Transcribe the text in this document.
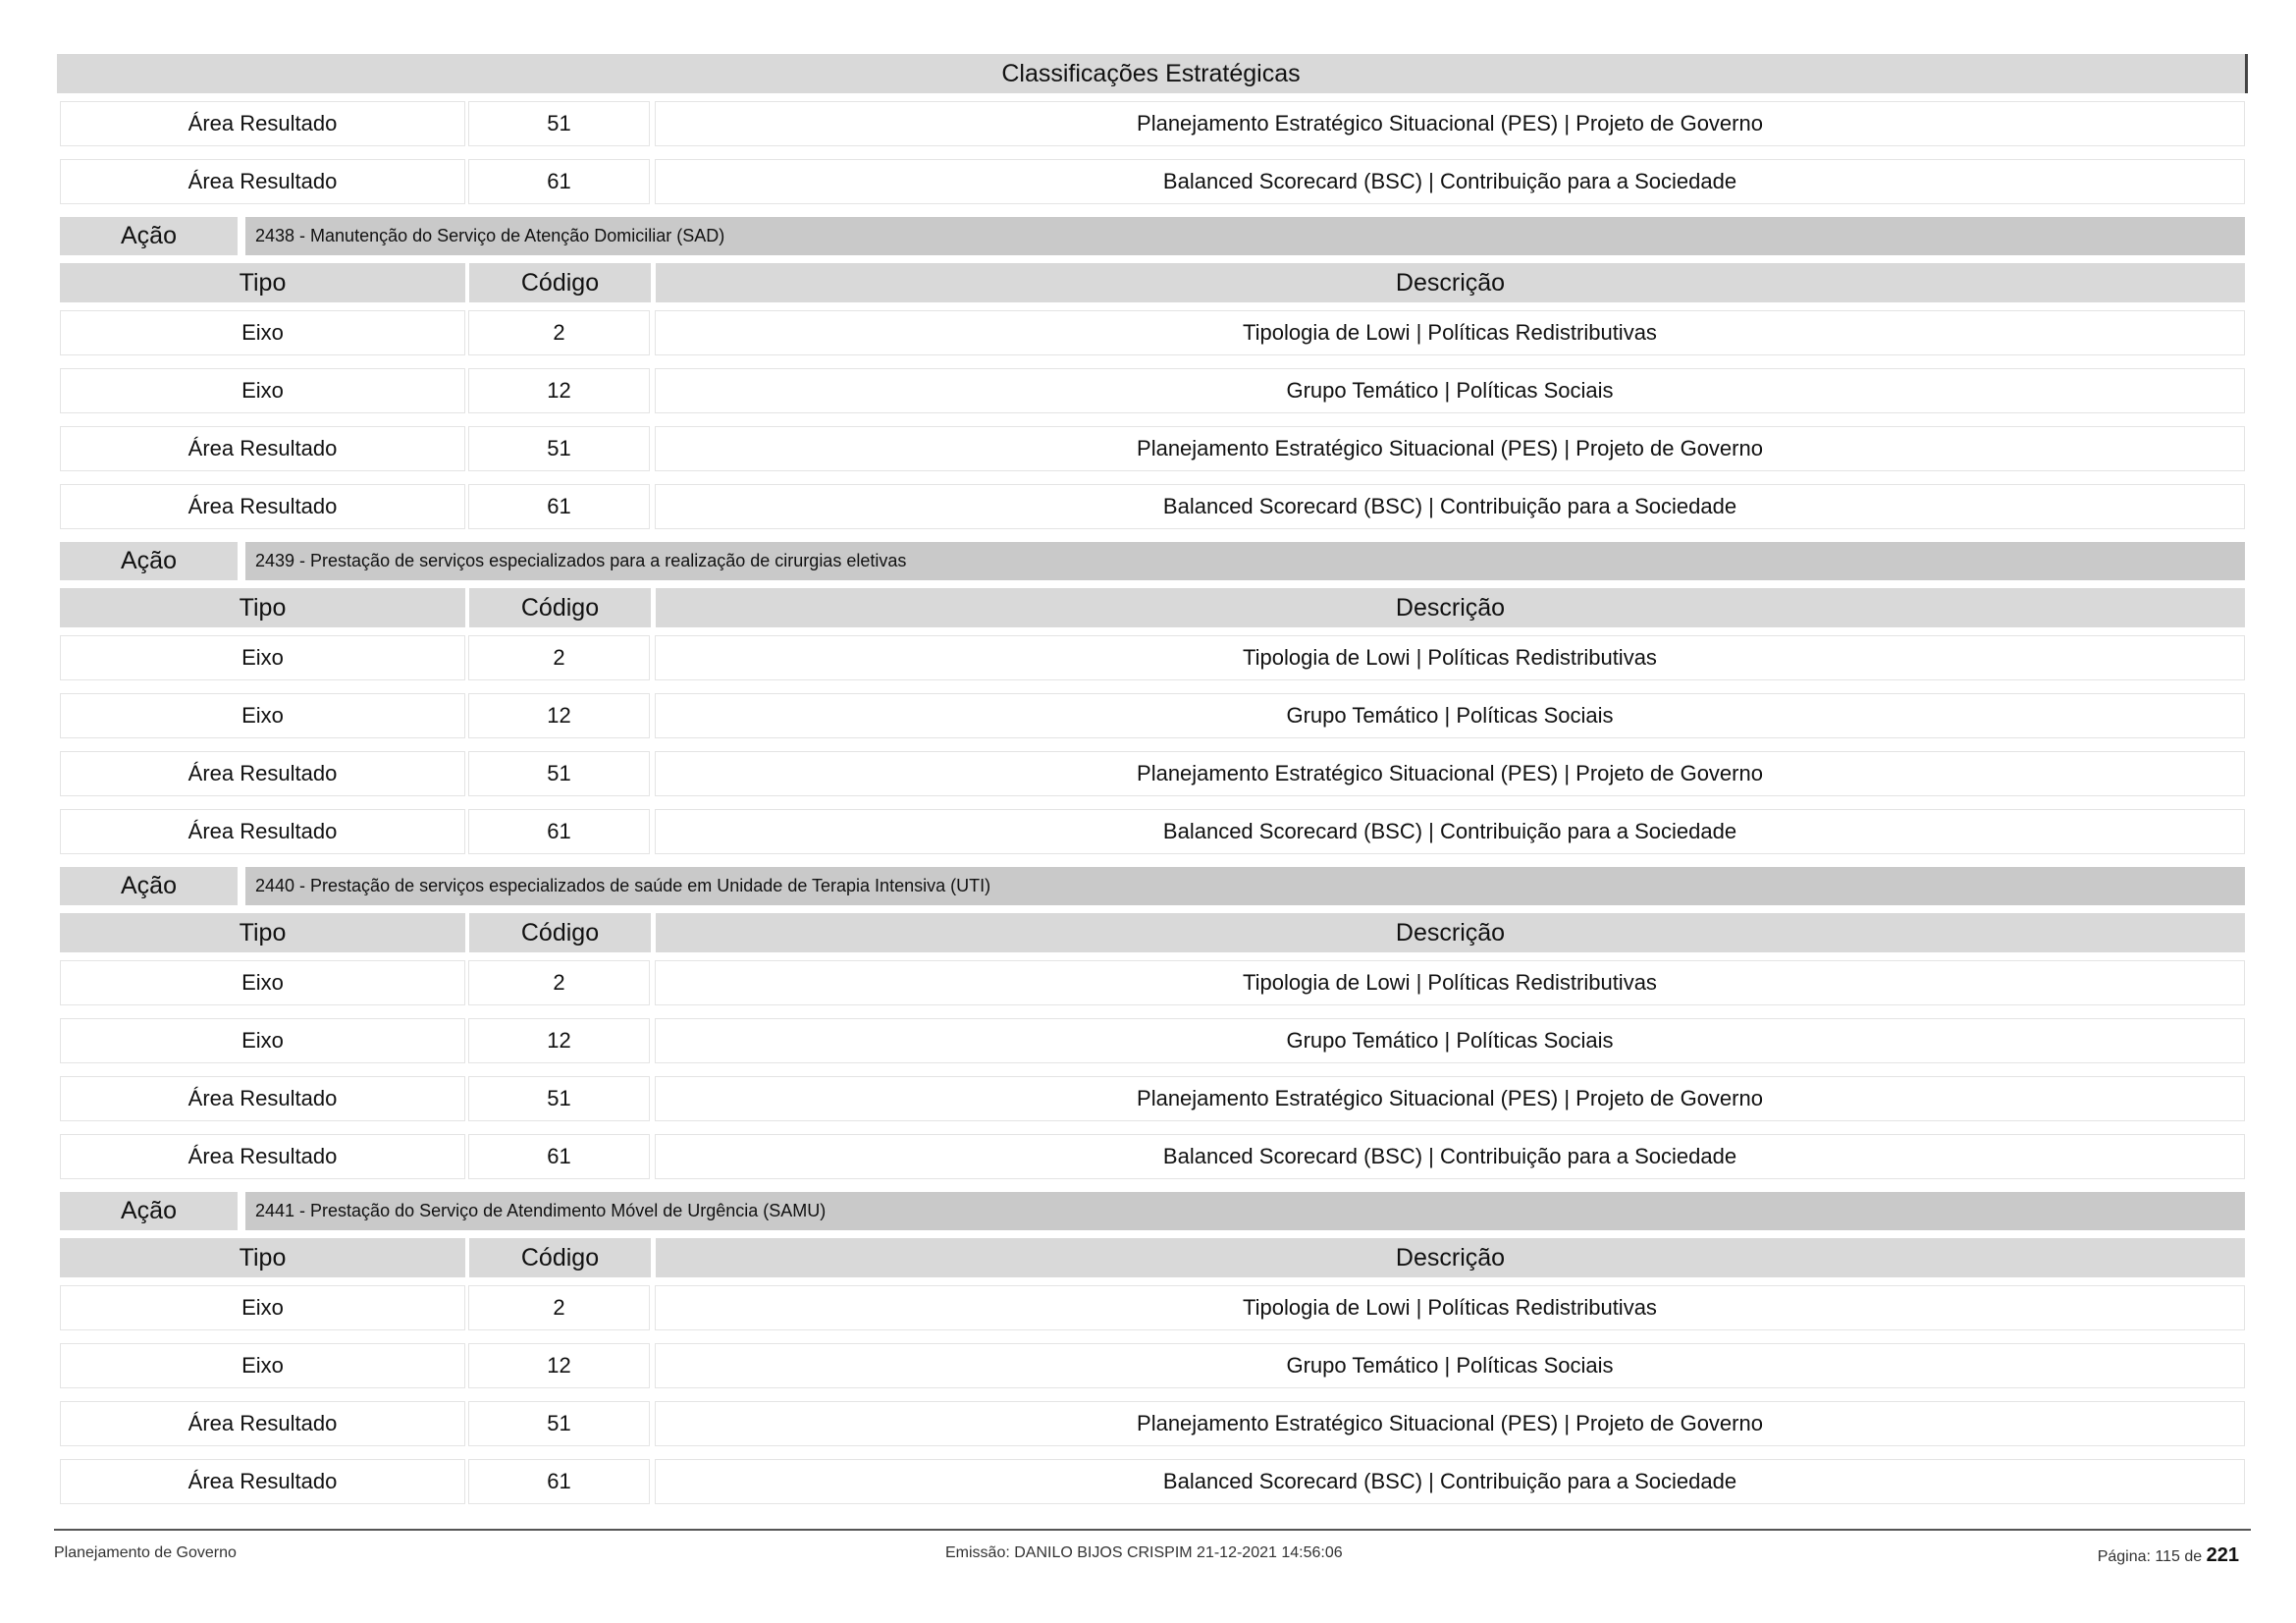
Classificações Estratégicas
Área Resultado	51	Planejamento Estratégico Situacional (PES) | Projeto de Governo
Área Resultado	61	Balanced Scorecard (BSC) | Contribuição para a Sociedade
Ação	2438 - Manutenção do Serviço de Atenção Domiciliar (SAD)
Tipo	Código	Descrição
Eixo	2	Tipologia de Lowi | Políticas Redistributivas
Eixo	12	Grupo Temático | Políticas Sociais
Área Resultado	51	Planejamento Estratégico Situacional (PES) | Projeto de Governo
Área Resultado	61	Balanced Scorecard (BSC) | Contribuição para a Sociedade
Ação	2439 - Prestação de serviços especializados para a realização de cirurgias eletivas
Tipo	Código	Descrição
Eixo	2	Tipologia de Lowi | Políticas Redistributivas
Eixo	12	Grupo Temático | Políticas Sociais
Área Resultado	51	Planejamento Estratégico Situacional (PES) | Projeto de Governo
Área Resultado	61	Balanced Scorecard (BSC) | Contribuição para a Sociedade
Ação	2440 - Prestação de serviços especializados de saúde em Unidade de Terapia Intensiva (UTI)
Tipo	Código	Descrição
Eixo	2	Tipologia de Lowi | Políticas Redistributivas
Eixo	12	Grupo Temático | Políticas Sociais
Área Resultado	51	Planejamento Estratégico Situacional (PES) | Projeto de Governo
Área Resultado	61	Balanced Scorecard (BSC) | Contribuição para a Sociedade
Ação	2441 - Prestação do Serviço de Atendimento Móvel de Urgência (SAMU)
Tipo	Código	Descrição
Eixo	2	Tipologia de Lowi | Políticas Redistributivas
Eixo	12	Grupo Temático | Políticas Sociais
Área Resultado	51	Planejamento Estratégico Situacional (PES) | Projeto de Governo
Área Resultado	61	Balanced Scorecard (BSC) | Contribuição para a Sociedade
Planejamento de Governo	Emissão: DANILO BIJOS CRISPIM 21-12-2021 14:56:06	Página: 115 de 221
